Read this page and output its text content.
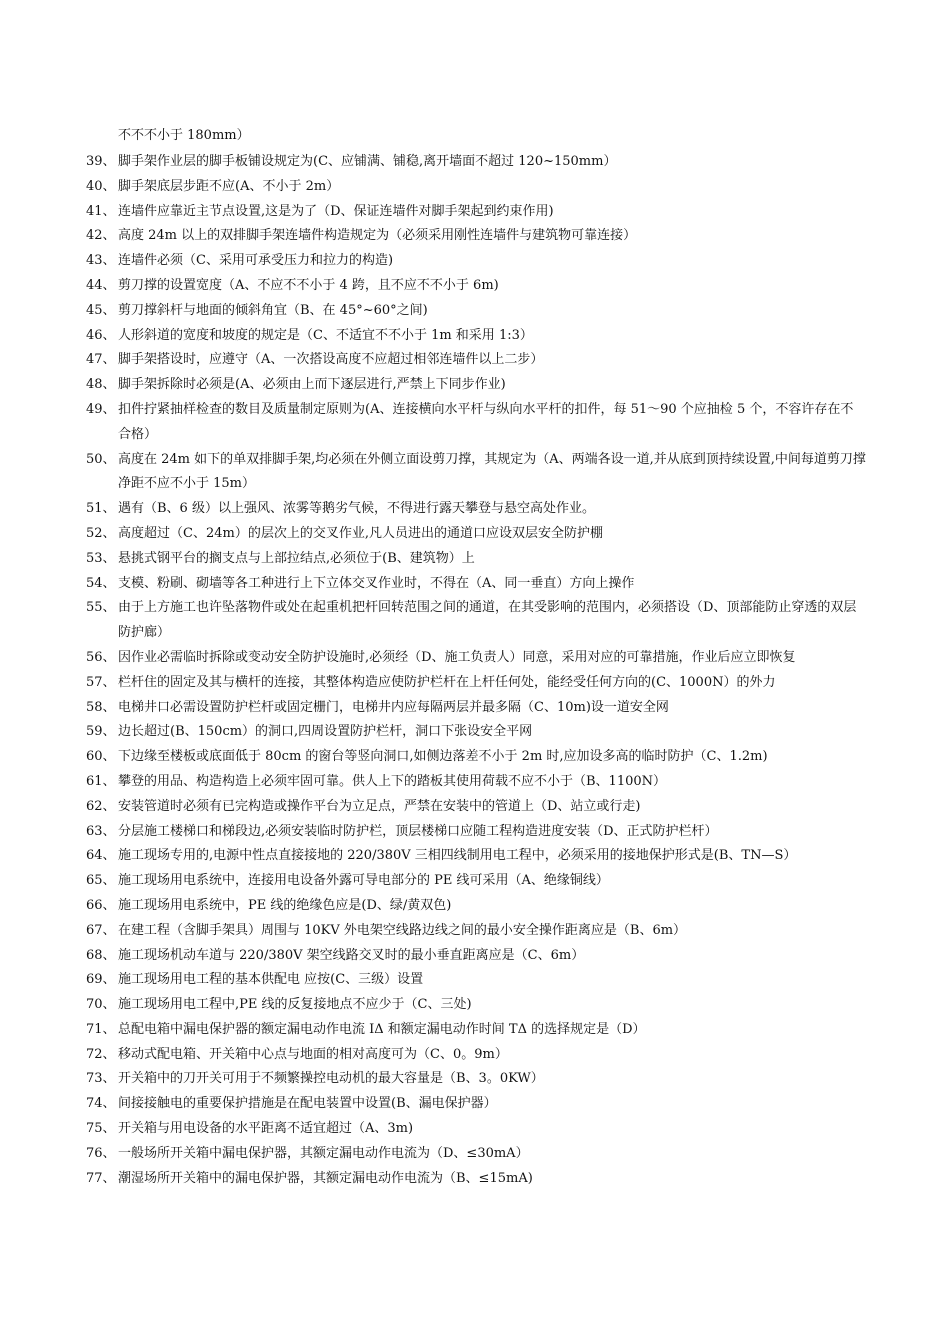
不不不小于 180mm）
39、 脚手架作业层的脚手板铺设规定为(C、应铺满、铺稳,离开墙面不超过 120~150mm）
40、 脚手架底层步距不应(A、不小于 2m）
41、 连墙件应靠近主节点设置,这是为了（D、保证连墙件对脚手架起到约束作用)
42、 高度 24m 以上的双排脚手架连墙件构造规定为（必须采用刚性连墙件与建筑物可靠连接）
43、 连墙件必须（C、采用可承受压力和拉力的构造)
44、 剪刀撑的设置宽度（A、不应不不小于 4 跨，且不应不不小于 6m)
45、 剪刀撑斜杆与地面的倾斜角宜（B、在 45°~60°之间)
46、 人形斜道的宽度和坡度的规定是（C、不适宜不不小于 1m 和采用 1:3）
47、 脚手架搭设时，应遵守（A、一次搭设高度不应超过相邻连墙件以上二步）
48、 脚手架拆除时必须是(A、必须由上而下逐层进行,严禁上下同步作业)
49、 扣件拧紧抽样检查的数目及质量制定原则为(A、连接横向水平杆与纵向水平杆的扣件，每 51～90 个应抽检 5 个，不容许存在不合格）
50、 高度在 24m 如下的单双排脚手架,均必须在外侧立面设剪刀撑，其规定为（A、两端各设一道,并从底到顶持续设置,中间每道剪刀撑净距不应不小于 15m）
51、 遇有（B、6 级）以上强风、浓雾等鹅劣气候，不得进行露天攀登与悬空高处作业。
52、 高度超过（C、24m）的层次上的交叉作业,凡人员进出的通道口应设双层安全防护棚
53、 悬挑式钢平台的搁支点与上部拉结点,必须位于(B、建筑物）上
54、 支模、粉刷、砌墙等各工种进行上下立体交叉作业时，不得在（A、同一垂直）方向上操作
55、 由于上方施工也许坠落物件或处在起重机把杆回转范围之间的通道，在其受影响的范围内，必须搭设（D、顶部能防止穿透的双层防护廊）
56、 因作业必需临时拆除或变动安全防护设施时,必须经（D、施工负责人）同意，采用对应的可靠措施，作业后应立即恢复
57、 栏杆住的固定及其与横杆的连接，其整体构造应使防护栏杆在上杆任何处，能经受任何方向的(C、1000N）的外力
58、 电梯井口必需设置防护栏杆或固定栅门，电梯井内应每隔两层并最多隔（C、10m)设一道安全网
59、 边长超过(B、150cm）的洞口,四周设置防护栏杆，洞口下张设安全平网
60、 下边缘至楼板或底面低于 80cm 的窗台等竖向洞口,如侧边落差不小于 2m 时,应加设多高的临时防护（C、1.2m)
61、 攀登的用品、构造构造上必须牢固可靠。供人上下的踏板其使用荷载不应不小于（B、1100N）
62、 安装管道时必须有已完构造或操作平台为立足点，严禁在安装中的管道上（D、站立或行走)
63、 分层施工楼梯口和梯段边,必须安装临时防护栏，顶层楼梯口应随工程构造进度安装（D、正式防护栏杆）
64、 施工现场专用的,电源中性点直接接地的 220/380V 三相四线制用电工程中，必须采用的接地保护形式是(B、TN—S）
65、 施工现场用电系统中，连接用电设备外露可导电部分的 PE 线可采用（A、绝缘铜线）
66、 施工现场用电系统中，PE 线的绝缘色应是(D、绿/黄双色)
67、 在建工程（含脚手架具）周围与 10KV 外电架空线路边线之间的最小安全操作距离应是（B、6m）
68、 施工现场机动车道与 220/380V 架空线路交叉时的最小垂直距离应是（C、6m）
69、 施工现场用电工程的基本供配电 应按(C、三级）设置
70、 施工现场用电工程中,PE 线的反复接地点不应少于（C、三处)
71、 总配电箱中漏电保护器的额定漏电动作电流 IΔ 和额定漏电动作时间 TΔ 的选择规定是（D）
72、 移动式配电箱、开关箱中心点与地面的相对高度可为（C、0。9m）
73、 开关箱中的刀开关可用于不频繁操控电动机的最大容量是（B、3。0KW）
74、 间接接触电的重要保护措施是在配电装置中设置(B、漏电保护器）
75、 开关箱与用电设备的水平距离不适宜超过（A、3m)
76、 一般场所开关箱中漏电保护器，其额定漏电动作电流为（D、≤30mA）
77、 潮湿场所开关箱中的漏电保护器，其额定漏电动作电流为（B、≤15mA)
